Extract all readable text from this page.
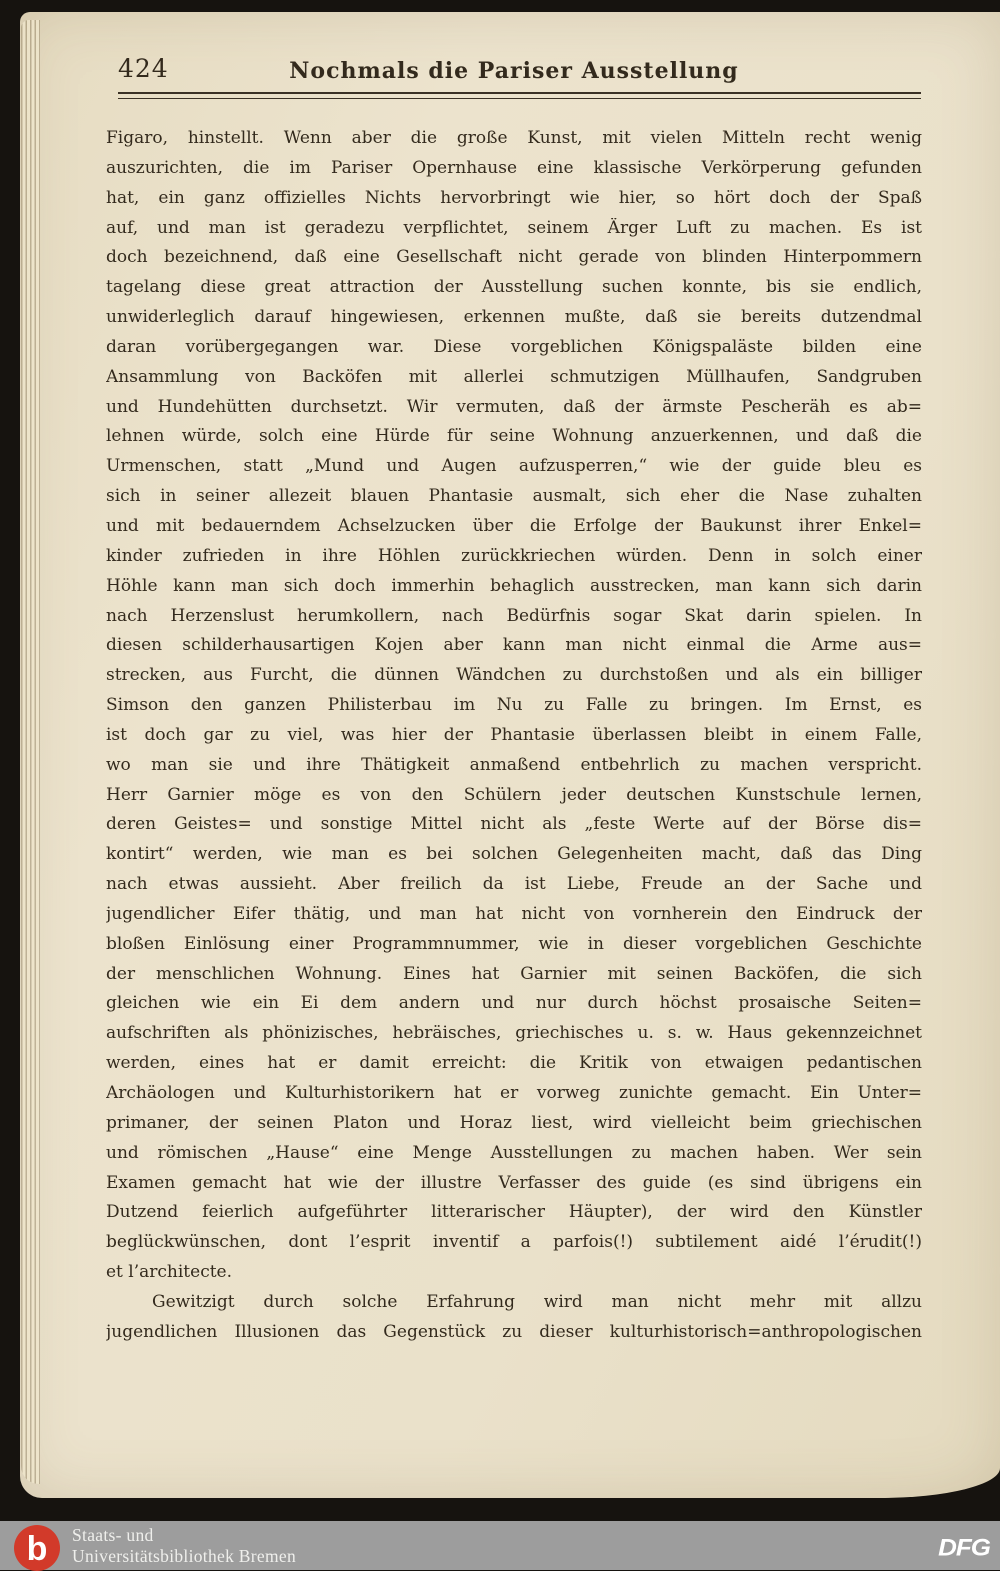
424	Nochmals die Pariser Ausstellung
Figaro, hinstellt. Wenn aber die große Kunst, mit vielen Mitteln recht wenig
auszurichten, die im Pariser Opernhause eine klassische Verkörperung gefunden
hat, ein ganz offizielles Nichts hervorbringt wie hier, so hört doch der Spaß
auf, und man ist geradezu verpflichtet, seinem Ärger Luft zu machen. Es ist
doch bezeichnend, daß eine Gesellschaft nicht gerade von blinden Hinterpommern
tagelang diese great attraction der Ausstellung suchen konnte, bis sie endlich,
unwiderleglich darauf hingewiesen, erkennen mußte, daß sie bereits dutzendmal
daran vorübergegangen war. Diese vorgeblichen Königspaläste bilden eine
Ansammlung von Backöfen mit allerlei schmutzigen Müllhaufen, Sandgruben
und Hundehütten durchsetzt. Wir vermuten, daß der ärmste Pescheräh es ab=
lehnen würde, solch eine Hürde für seine Wohnung anzuerkennen, und daß die
Urmenschen, statt „Mund und Augen aufzusperren,“ wie der guide bleu es
sich in seiner allezeit blauen Phantasie ausmalt, sich eher die Nase zuhalten
und mit bedauerndem Achselzucken über die Erfolge der Baukunst ihrer Enkel=
kinder zufrieden in ihre Höhlen zurückkriechen würden. Denn in solch einer
Höhle kann man sich doch immerhin behaglich ausstrecken, man kann sich darin
nach Herzenslust herumkollern, nach Bedürfnis sogar Skat darin spielen. In
diesen schilderhausartigen Kojen aber kann man nicht einmal die Arme aus=
strecken, aus Furcht, die dünnen Wändchen zu durchstoßen und als ein billiger
Simson den ganzen Philisterbau im Nu zu Falle zu bringen. Im Ernst, es
ist doch gar zu viel, was hier der Phantasie überlassen bleibt in einem Falle,
wo man sie und ihre Thätigkeit anmaßend entbehrlich zu machen verspricht.
Herr Garnier möge es von den Schülern jeder deutschen Kunstschule lernen,
deren Geistes= und sonstige Mittel nicht als „feste Werte auf der Börse dis=
kontirt“ werden, wie man es bei solchen Gelegenheiten macht, daß das Ding
nach etwas aussieht. Aber freilich da ist Liebe, Freude an der Sache und
jugendlicher Eifer thätig, und man hat nicht von vornherein den Eindruck der
bloßen Einlösung einer Programmnummer, wie in dieser vorgeblichen Geschichte
der menschlichen Wohnung. Eines hat Garnier mit seinen Backöfen, die sich
gleichen wie ein Ei dem andern und nur durch höchst prosaische Seiten=
aufschriften als phönizisches, hebräisches, griechisches u. s. w. Haus gekennzeichnet
werden, eines hat er damit erreicht: die Kritik von etwaigen pedantischen
Archäologen und Kulturhistorikern hat er vorweg zunichte gemacht. Ein Unter=
primaner, der seinen Platon und Horaz liest, wird vielleicht beim griechischen
und römischen „Hause“ eine Menge Ausstellungen zu machen haben. Wer sein
Examen gemacht hat wie der illustre Verfasser des guide (es sind übrigens ein
Dutzend feierlich aufgeführter litterarischer Häupter), der wird den Künstler
beglückwünschen, dont l’esprit inventif a parfois(!) subtilement aidé l’érudit(!)
et l’architecte.
Gewitzigt durch solche Erfahrung wird man nicht mehr mit allzu
jugendlichen Illusionen das Gegenstück zu dieser kulturhistorisch=anthropologischen
b Staats- und
Universitätsbibliothek Bremen	DFG
